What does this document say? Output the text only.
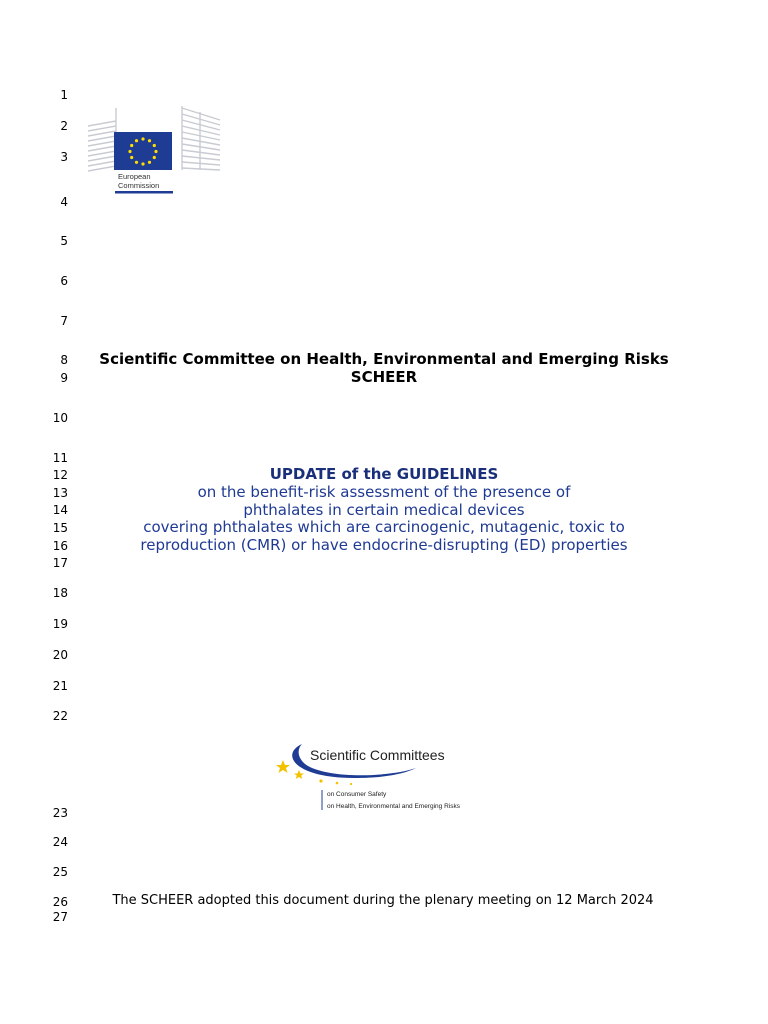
1
2
3
4
5
6
7
8
9
10
11
12
13
14
15
16
17
18
19
20
21
22
23
24
25
26
27
European
Commission
Scientific Committee on Health, Environmental and Emerging Risks
SCHEER
UPDATE of the GUIDELINES
on the benefit-risk assessment of the presence of
phthalates in certain medical devices
covering phthalates which are carcinogenic, mutagenic, toxic to
reproduction (CMR) or have endocrine-disrupting (ED) properties
Scientific Committees
on Consumer Safety
on Health, Environmental and Emerging Risks
The SCHEER adopted this document during the plenary meeting on 12 March 2024
